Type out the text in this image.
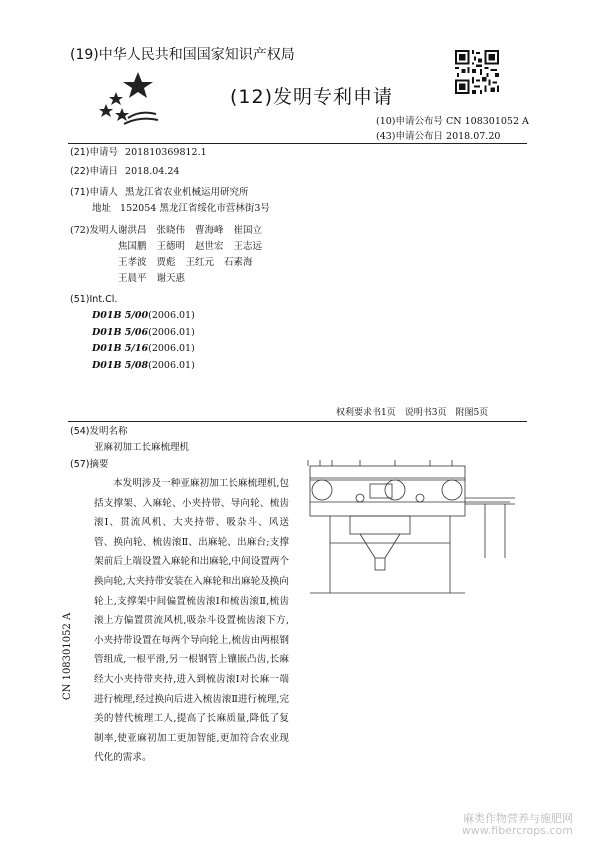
(19)中华人民共和国国家知识产权局
(12)发明专利申请
(10)申请公布号 CN 108301052 A
(43)申请公布日 2018.07.20
(21)申请号 201810369812.1
(22)申请日 2018.04.24
(71)申请人 黑龙江省农业机械运用研究所
地址 152054 黑龙江省绥化市营林街3号
(72)发明人 谢洪昌 张晓伟 曹海峰 崔国立
焦国鹏 王德明 赵世宏 王志远
王孝波 贾彪 王红元 石素海
王晨平 谢天惠
(51)Int.Cl.
D01B 5/00(2006.01)
D01B 5/06(2006.01)
D01B 5/16(2006.01)
D01B 5/08(2006.01)
权利要求书1页　说明书3页　附图5页
(54)发明名称
亚麻初加工长麻梳理机
(57)摘要
本发明涉及一种亚麻初加工长麻梳理机,包括支撑架、入麻轮、小夹持带、导向轮、梳齿滚Ⅰ、贯流风机、大夹持带、吸杂斗、风送管、换向轮、梳齿滚Ⅱ、出麻轮、出麻台;支撑架前后上端设置入麻轮和出麻轮,中间设置两个换向轮,大夹持带安装在入麻轮和出麻轮及换向轮上,支撑架中间偏置梳齿滚Ⅰ和梳齿滚Ⅱ,梳齿滚上方偏置贯流风机,吸杂斗设置梳齿滚下方,小夹持带设置在每两个导向轮上,梳齿由两根钢管组成,一根平滑,另一根钢管上镶嵌凸齿,长麻经大小夹持带夹持,进入到梳齿滚Ⅰ对长麻一端进行梳理,经过换向后进入梳齿滚Ⅱ进行梳理,完美的替代梳理工人,提高了长麻质量,降低了复制率,使亚麻初加工更加智能,更加符合农业现代化的需求。
CN 108301052 A
麻类作物营养与施肥网
www.fibercrops.com
